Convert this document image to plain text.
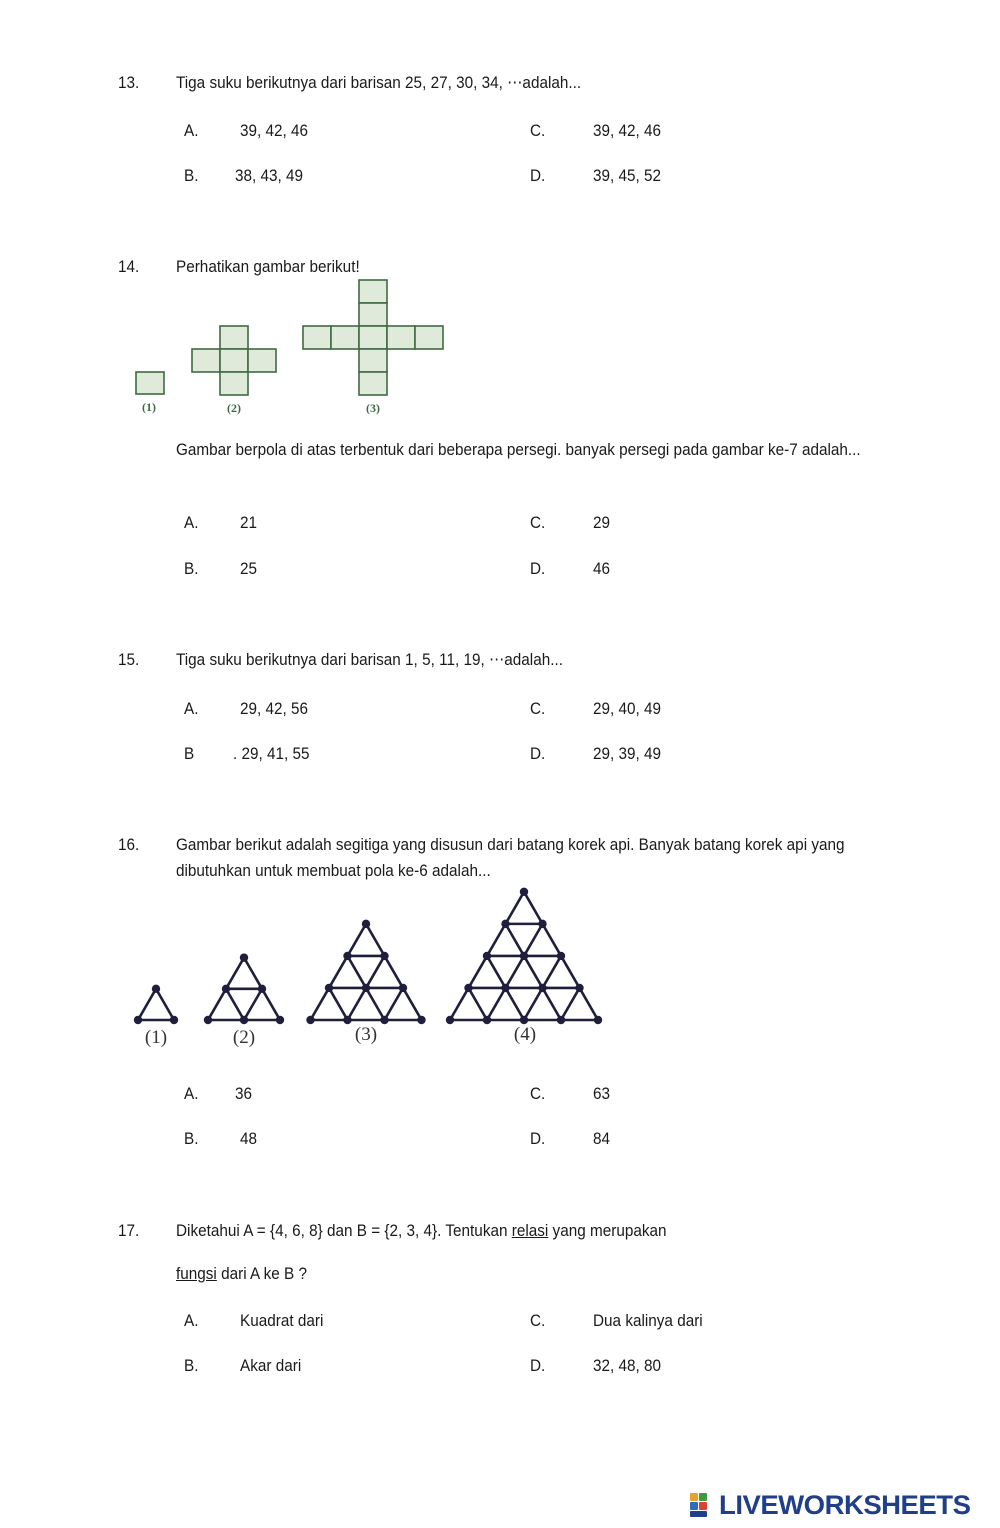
13. Tiga suku berikutnya dari barisan 25, 27, 30, 34, ⋯adalah...
A. 39, 42, 46
B. 38, 43, 49
C.	39, 42, 46
D.	39, 45, 52
14. Perhatikan gambar berikut!
(1)	(2)	(3)
Gambar berpola di atas terbentuk dari beberapa persegi. banyak persegi pada gambar ke-7 adalah...
A. 21
B. 25
C.	29
D.	46
15. Tiga suku berikutnya dari barisan 1, 5, 11, 19, ⋯adalah...
A. 29, 42, 56
B . 29, 41, 55
C.	29, 40, 49
D.	29, 39, 49
16. Gambar berikut adalah segitiga yang disusun dari batang korek api. Banyak batang korek api yang dibutuhkan untuk membuat pola ke-6 adalah...
(1)	(2)	(3)	(4)
A. 36
B. 48
C.	63
D.	84
17. Diketahui A = {4, 6, 8} dan B = {2, 3, 4}. Tentukan relasi yang merupakan
fungsi dari A ke B ?
A. Kuadrat dari
B. Akar dari
C.	Dua kalinya dari
D.	32, 48, 80
LIVEWORKSHEETS
